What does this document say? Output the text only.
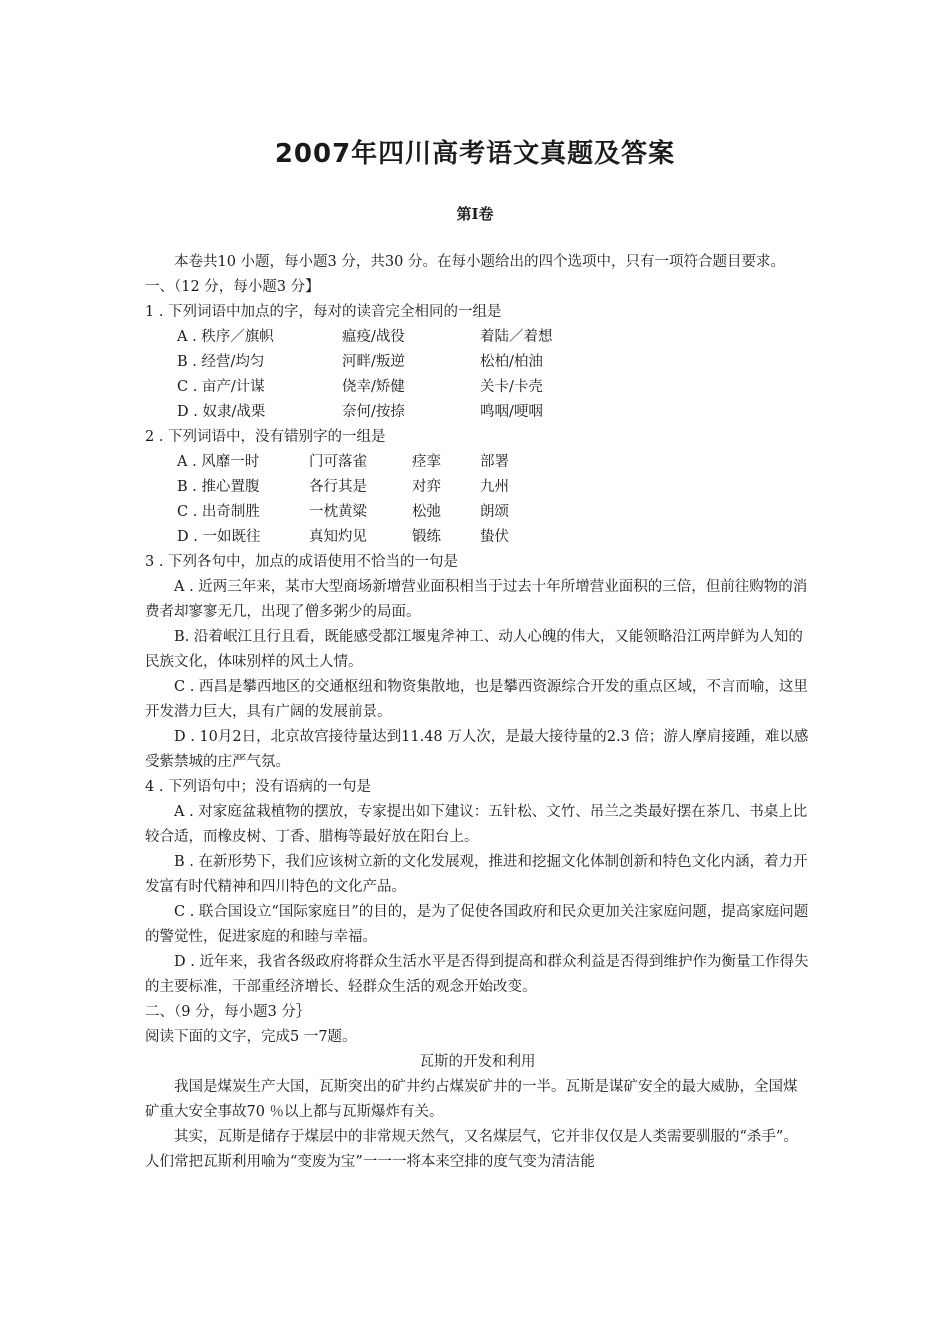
2007年四川高考语文真题及答案
第Ⅰ卷

本卷共10 小题，每小题3 分，共30 分。在每小题给出的四个选项中，只有一项符合题目要求。

一、（12 分，每小题3 分】

1 . 下列词语中加点的字，每对的读音完全相同的一组是

A . 秩序／旗帜	瘟疫/战役	着陆／着想
B . 经营/均匀	河畔/叛逆	松柏/柏油
C . 亩产/计谋	侥幸/矫健	关卡/卡壳
D . 奴隶/战栗	奈何/按捺	鸣咽/哽咽

2 . 下列词语中，没有错别字的一组是

A . 风靡一时	门可落雀	痉挛	部署
B . 推心置腹	各行其是	对弈	九州
C . 出奇制胜	一枕黄粱	松弛	朗颂
D . 一如既往	真知灼见	锻练	蛰伏

3 . 下列各句中，加点的成语使用不恰当的一句是

A . 近两三年来，某市大型商场新增营业面积相当于过去十年所增营业面积的三倍，但前往购物的消费者却寥寥无几，出现了僧多粥少的局面。

B. 沿着岷江且行且看，既能感受都江堰鬼斧神工、动人心魄的伟大，又能领略沿江两岸鲜为人知的民族文化，体味别样的风土人情。

C . 西昌是攀西地区的交通枢纽和物资集散地，也是攀西资源综合开发的重点区域，不言而喻，这里开发潜力巨大，具有广阔的发展前景。

D . 10月2日，北京故宫接待量达到11.48 万人次，是最大接待量的2.3 倍；游人摩肩接踵，难以感受紫禁城的庄严气氛。

4 . 下列语句中；没有语病的一句是

A . 对家庭盆栽植物的摆放，专家提出如下建议：五针松、文竹、吊兰之类最好摆在茶几、书桌上比较合适，而橡皮树、丁香、腊梅等最好放在阳台上。

B . 在新形势下，我们应该树立新的文化发展观，推进和挖掘文化体制创新和特色文化内涵，着力开发富有时代精神和四川特色的文化产品。

C . 联合国设立“国际家庭日”的目的，是为了促使各国政府和民众更加关注家庭问题，提高家庭问题的警觉性，促进家庭的和睦与幸福。

D . 近年来，我省各级政府将群众生活水平是否得到提高和群众利益是否得到维护作为衡量工作得失的主要标准，干部重经济增长、轻群众生活的观念开始改变。

二、（9 分，每小题3 分｝

阅读下面的文字，完成5 一7题。

瓦斯的开发和利用

我国是煤炭生产大国，瓦斯突出的矿井约占煤炭矿井的一半。瓦斯是谋矿安全的最大威胁，全国煤矿重大安全事故70 ％以上都与瓦斯爆炸有关。

其实，瓦斯是储存于煤层中的非常规天然气，又名煤层气，它并非仅仅是人类需要驯服的“杀手”。人们常把瓦斯利用喻为“变废为宝”一一一将本来空排的度气变为清洁能
